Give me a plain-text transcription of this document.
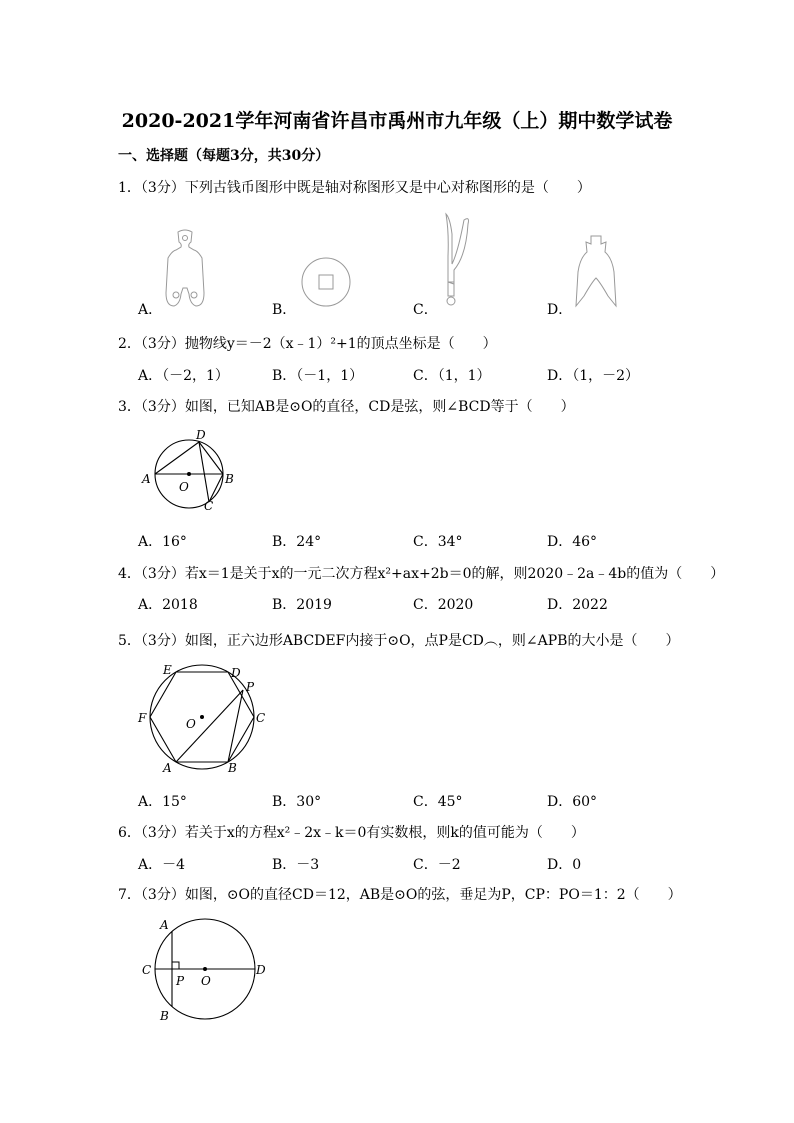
2020-2021学年河南省许昌市禹州市九年级（上）期中数学试卷
一、选择题（每题3分，共30分）
1．（3分）下列古钱币图形中既是轴对称图形又是中心对称图形的是（　　）
A．	B．	C．	D．
2．（3分）抛物线y＝－2（x﹣1）²+1的顶点坐标是（　　）
A．（－2，1）	B．（－1，1）	C．（1，1）	D．（1，－2）
3．（3分）如图，已知AB是⊙O的直径，CD是弦，则∠BCD等于（　　）
A
O
B
C
D
A．16°	B．24°	C．34°	D．46°
4．（3分）若x＝1是关于x的一元二次方程x²+ax+2b＝0的解，则2020﹣2a﹣4b的值为（　　）
A．2018	B．2019	C．2020	D．2022
5．（3分）如图，正六边形ABCDEF内接于⊙O，点P是CD︵，则∠APB的大小是（　　）
E	D
P
F	C
O
A	B
A．15°	B．30°	C．45°	D．60°
6．（3分）若关于x的方程x²﹣2x﹣k＝0有实数根，则k的值可能为（　　）
A．－4	B．－3	C．－2	D．0
7．（3分）如图，⊙O的直径CD＝12，AB是⊙O的弦，垂足为P，CP：PO＝1：2（　　）
A
C
P O
D
B
